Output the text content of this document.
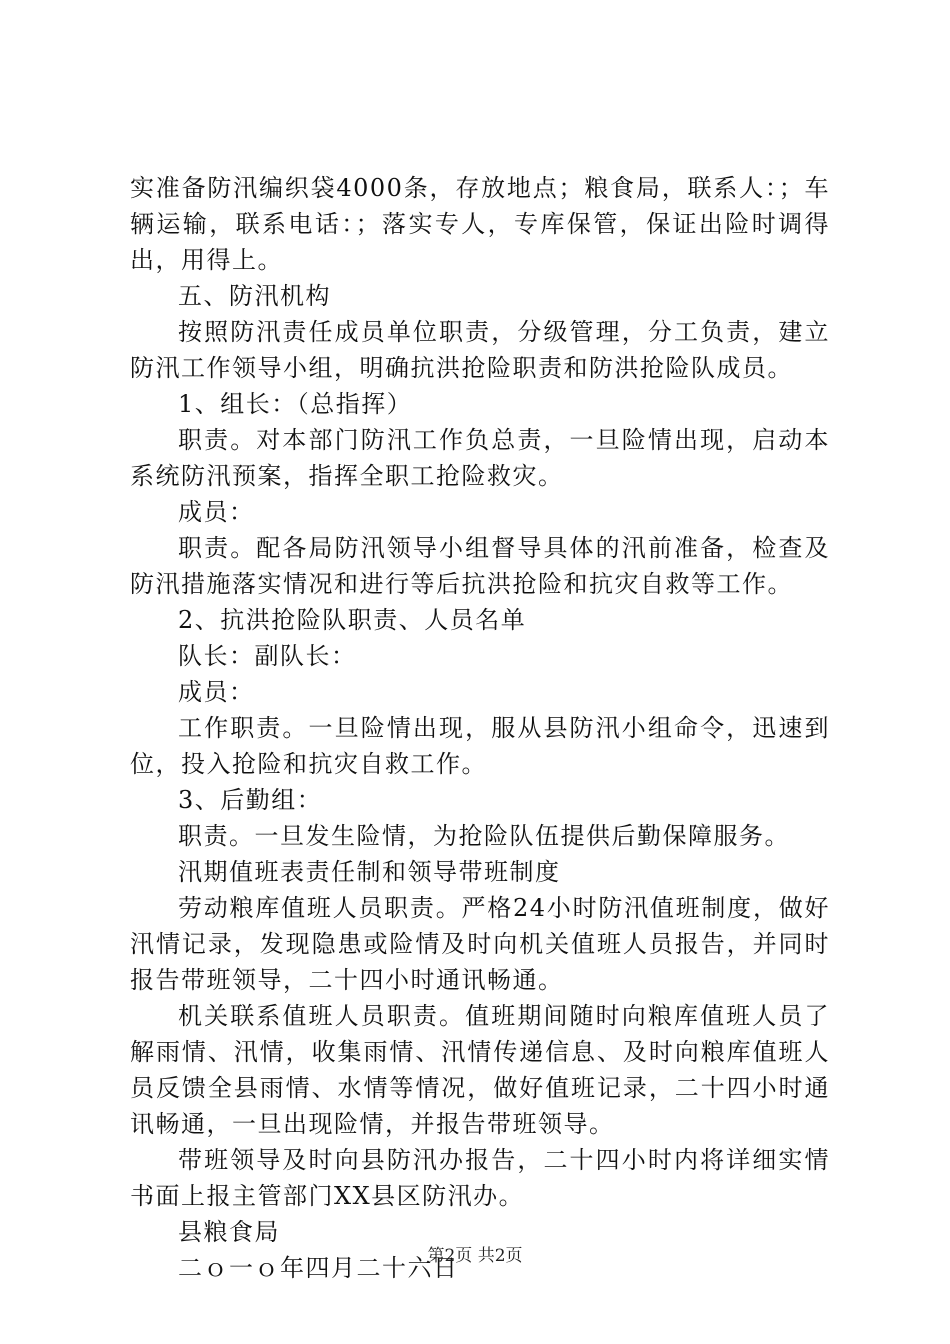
实准备防汛编织袋4000条，存放地点；粮食局，联系人：；车辆运输，联系电话：；落实专人，专库保管，保证出险时调得出，用得上。

五、防汛机构

按照防汛责任成员单位职责，分级管理，分工负责，建立防汛工作领导小组，明确抗洪抢险职责和防洪抢险队成员。

1、组长：（总指挥）

职责。对本部门防汛工作负总责，一旦险情出现，启动本系统防汛预案，指挥全职工抢险救灾。

成员：

职责。配各局防汛领导小组督导具体的汛前准备，检查及防汛措施落实情况和进行等后抗洪抢险和抗灾自救等工作。

2、抗洪抢险队职责、人员名单

队长：副队长：

成员：

工作职责。一旦险情出现，服从县防汛小组命令，迅速到位，投入抢险和抗灾自救工作。

3、后勤组：

职责。一旦发生险情，为抢险队伍提供后勤保障服务。

汛期值班表责任制和领导带班制度

劳动粮库值班人员职责。严格24小时防汛值班制度，做好汛情记录，发现隐患或险情及时向机关值班人员报告，并同时报告带班领导，二十四小时通讯畅通。

机关联系值班人员职责。值班期间随时向粮库值班人员了解雨情、汛情，收集雨情、汛情传递信息、及时向粮库值班人员反馈全县雨情、水情等情况，做好值班记录，二十四小时通讯畅通，一旦出现险情，并报告带班领导。

带班领导及时向县防汛办报告，二十四小时内将详细实情书面上报主管部门XX县区防汛办。

县粮食局

二ｏ一ｏ年四月二十六日

第2页 共2页
